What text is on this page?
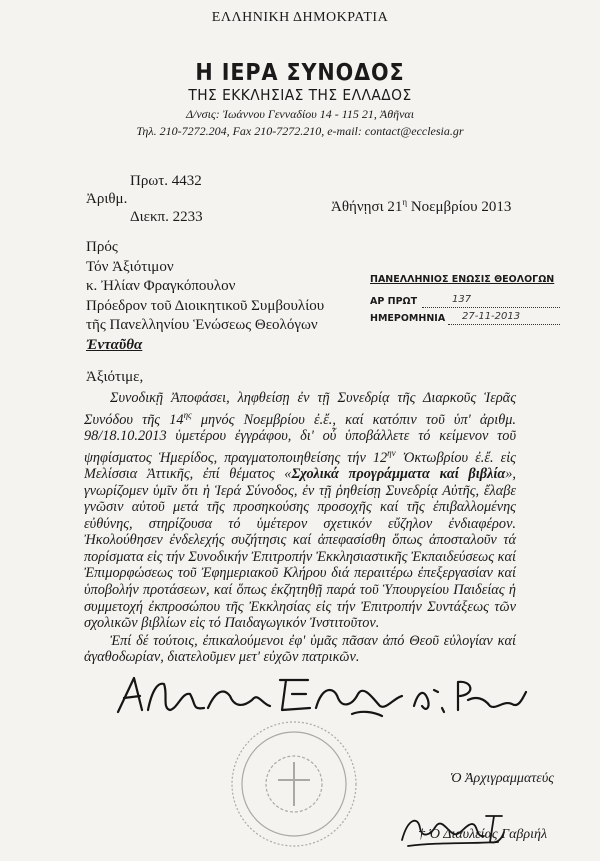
ΕΛΛΗΝΙΚΗ ΔΗΜΟΚΡΑΤΙΑ
Η ΙΕΡΑ ΣΥΝΟΔΟΣ
ΤΗΣ ΕΚΚΛΗΣΙΑΣ ΤΗΣ ΕΛΛΑΔΟΣ
Δ/νσις: Ἰωάννου Γενναδίου 14 - 115 21, Ἀθῆναι
Τηλ. 210-7272.204, Fax 210-7272.210, e-mail: contact@ecclesia.gr
Πρωτ. 4432
Ἀριθμ.
Διεκπ. 2233
Ἀθήνῃσι $21^\eta$ Νοεμβρίου 2013
Πρός
Τόν Ἀξιότιμον
κ. Ἠλίαν Φραγκόπουλον
Πρόεδρον τοῦ Διοικητικοῦ Συμβουλίου
τῆς Πανελληνίου Ἑνώσεως Θεολόγων
Ἐνταῦθα
ΠΑΝΕΛΛΗΝΙΟΣ ΕΝΩΣΙΣ ΘΕΟΛΟΓΩΝ
ΑΡ ΠΡΩΤ	137
ΗΜΕΡΟΜΗΝΙΑ 27-11-2013
Ἀξιότιμε,

Συνοδικῇ Ἀποφάσει, ληφθείσῃ ἐν τῇ Συνεδρίᾳ τῆς Διαρκοῦς Ἱερᾶς Συνόδου τῆς $14^{\eta\varsigma}$ μηνός Νοεμβρίου ἐ.ἔ., καί κατόπιν τοῦ ὑπ' ἀριθμ. 98/18.10.2013 ὑμετέρου ἐγγράφου, δι' οὗ ὑποβάλλετε τό κείμενον τοῦ ψηφίσματος Ἡμερίδος, πραγματοποιηθείσης τήν $12^{\eta\nu}$ Ὀκτωβρίου ἐ.ἔ. εἰς Μελίσσια Ἀττικῆς, ἐπί θέματος «Σχολικά προγράμματα καί βιβλία», γνωρίζομεν ὑμῖν ὅτι ἡ Ἱερά Σύνοδος, ἐν τῇ ῥηθείσῃ Συνεδρίᾳ Αὐτῆς, ἔλαβε γνῶσιν αὐτοῦ μετά τῆς προσηκούσης προσοχῆς καί τῆς ἐπιβαλλομένης εὐθύνης, στηρίζουσα τό ὑμέτερον σχετικόν εὔζηλον ἐνδιαφέρον. Ἠκολούθησεν ἐνδελεχής συζήτησις καί ἀπεφασίσθη ὅπως ἀποσταλοῦν τά πορίσματα εἰς τήν Συνοδικήν Ἐπιτροπήν Ἐκκλησιαστικῆς Ἐκπαιδεύσεως καί Ἐπιμορφώσεως τοῦ Ἐφημεριακοῦ Κλήρου διά περαιτέρω ἐπεξεργασίαν καί ὑποβολήν προτάσεων, καί ὅπως ἐκζητηθῇ παρά τοῦ Ὑπουργείου Παιδείας ἡ συμμετοχή ἐκπροσώπου τῆς Ἐκκλησίας εἰς τήν Ἐπιτροπήν Συντάξεως τῶν σχολικῶν βιβλίων εἰς τό Παιδαγωγικόν Ἰνστιτοῦτον.

Ἐπί δέ τούτοις, ἐπικαλούμενοι ἐφ' ὑμᾶς πᾶσαν ἀπό Θεοῦ εὐλογίαν καί ἀγαθοδωρίαν, διατελοῦμεν μετ' εὐχῶν πατρικῶν.

Ὁ Ἀρχιγραμματεύς
† Ὁ Διαυλείας Γαβριήλ
